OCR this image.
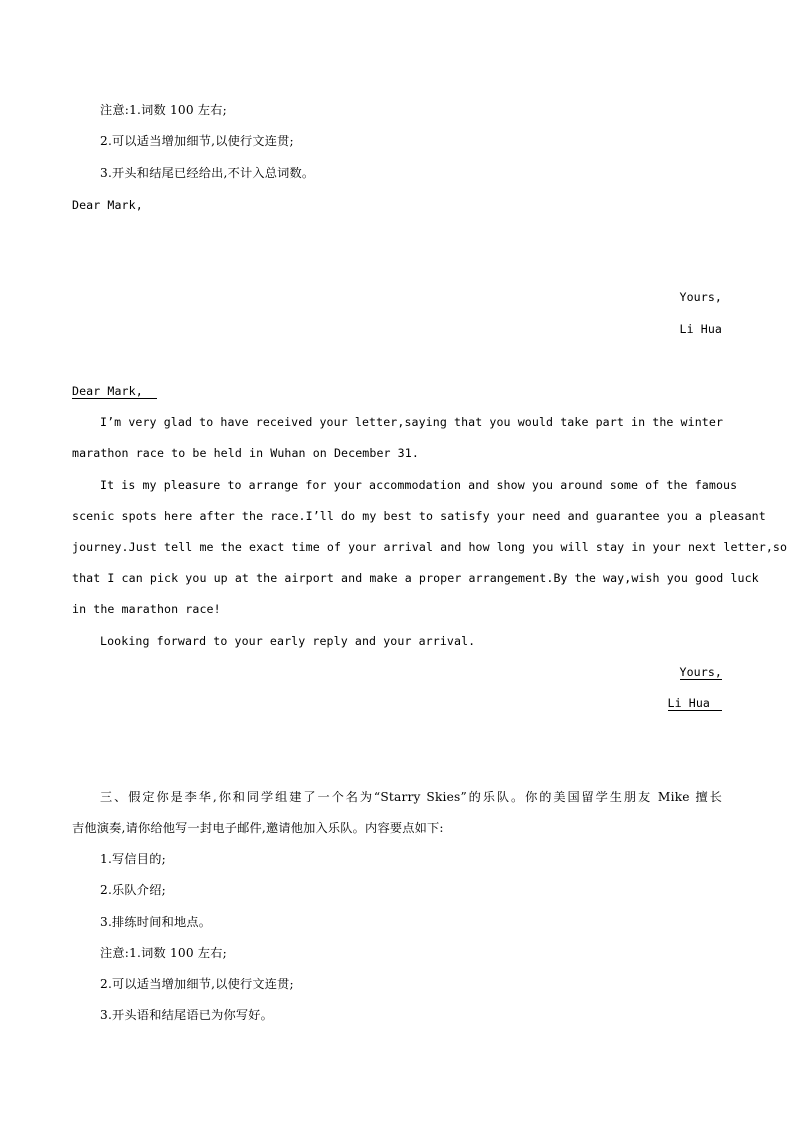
注意:1.词数 100 左右;
2.可以适当增加细节,以使行文连贯;
3.开头和结尾已经给出,不计入总词数。
Dear Mark,
Yours,
Li Hua
Dear Mark,
I’m very glad to have received your letter,saying that you would take part in the winter
marathon race to be held in Wuhan on December 31.
It is my pleasure to arrange for your accommodation and show you around some of the famous
scenic spots here after the race.I’ll do my best to satisfy your need and guarantee you a pleasant
journey.Just tell me the exact time of your arrival and how long you will stay in your next letter,so
that I can pick you up at the airport and make a proper arrangement.By the way,wish you good luck
in the marathon race!
Looking forward to your early reply and your arrival.
Yours,
Li Hua
三、假定你是李华,你和同学组建了一个名为“Starry Skies”的乐队。你的美国留学生朋友 Mike 擅长
吉他演奏,请你给他写一封电子邮件,邀请他加入乐队。内容要点如下:
1.写信目的;
2.乐队介绍;
3.排练时间和地点。
注意:1.词数 100 左右;
2.可以适当增加细节,以使行文连贯;
3.开头语和结尾语已为你写好。
